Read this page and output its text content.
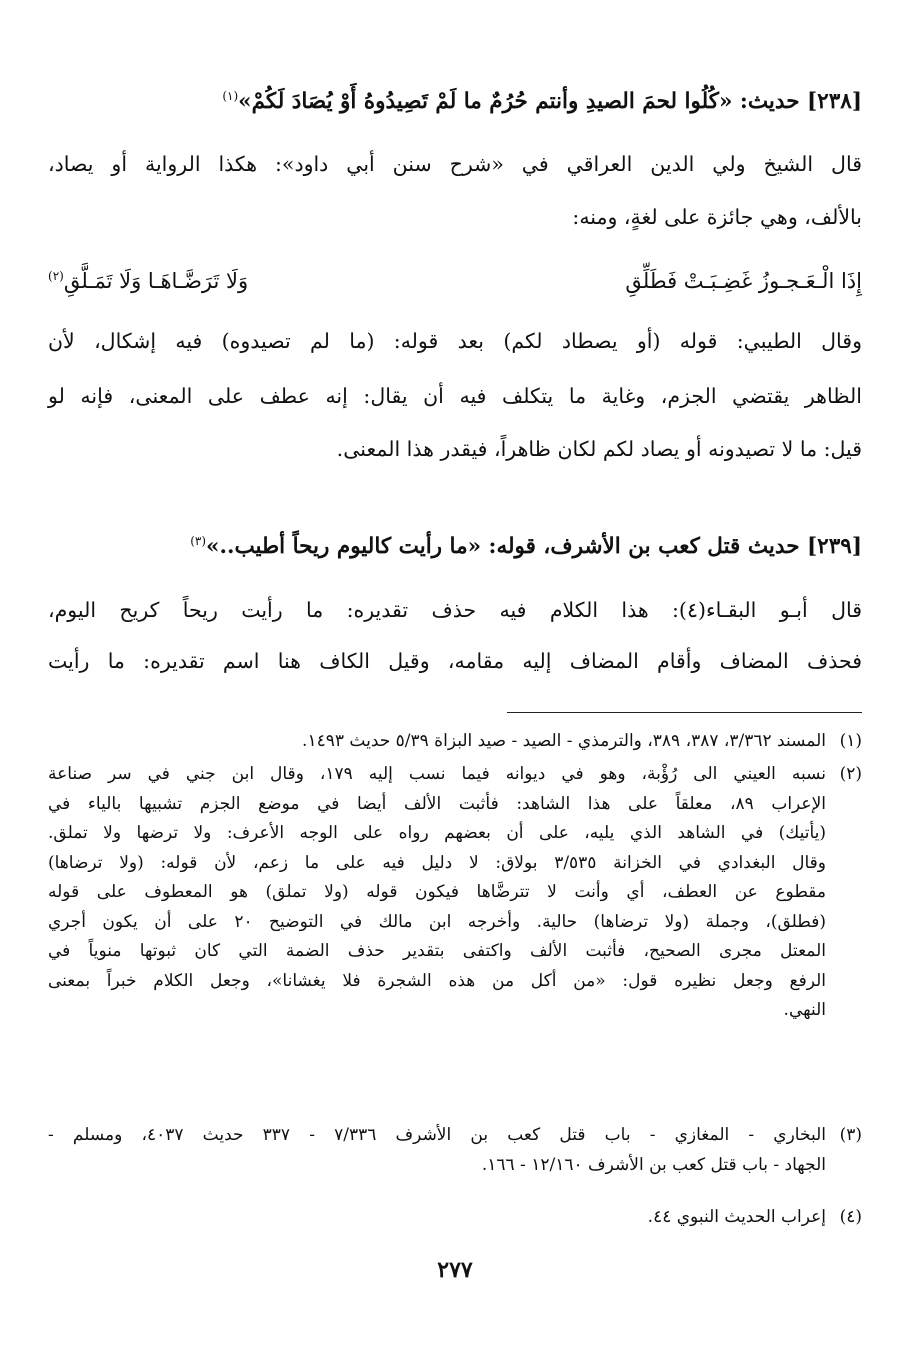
[٢٣٨] حديث: «كُلُوا لحمَ الصيدِ وأنتم حُرُمٌ ما لَمْ تَصِيدُوهُ أَوْ يُصَادَ لَكُمْ»$^{(١)}$
قال الشيخ ولي الدين العراقي في «شرح سنن أبي داود»: هكذا الرواية أو يصاد،
بالألف، وهي جائزة على لغةٍ، ومنه:
إِذَا الْـعَـجـوزُ غَضِـبَـتْ فَطَلِّقِ
وَلَا تَرَضَّـاهَـا وَلَا تَمَـلَّقِ$^{(٢)}$
وقال الطيبي: قوله (أو يصطاد لكم) بعد قوله: (ما لم تصيدوه) فيه إشكال، لأن
الظاهر يقتضي الجزم، وغاية ما يتكلف فيه أن يقال: إنه عطف على المعنى، فإنه لو
قيل: ما لا تصيدونه أو يصاد لكم لكان ظاهراً، فيقدر هذا المعنى.
[٢٣٩] حديث قتل كعب بن الأشرف، قوله: «ما رأيت كاليوم ريحاً أطيب..»$^{(٣)}$
قال أبـو البقـاء(٤): هذا الكلام فيه حذف تقديره: ما رأيت ريحاً كريح اليوم،
فحذف المضاف وأقام المضاف إليه مقامه، وقيل الكاف هنا اسم تقديره: ما رأيت
(١)
المسند ٣/٣٦٢، ٣٨٧، ٣٨٩، والترمذي - الصيد - صيد البزاة ٥/٣٩ حديث ١٤٩٣.
(٢)
نسبه العيني الى رُؤْبة، وهو في ديوانه فيما نسب إليه ١٧٩، وقال ابن جني في سر صناعة
الإعراب ٨٩، معلقاً على هذا الشاهد: فأثبت الألف أيضا في موضع الجزم تشبيها بالياء في
(يأتيك) في الشاهد الذي يليه، على أن بعضهم رواه على الوجه الأعرف: ولا ترضها ولا تملق.
وقال البغدادي في الخزانة ٣/٥٣٥ بولاق: لا دليل فيه على ما زعم، لأن قوله: (ولا ترضاها)
مقطوع عن العطف، أي وأنت لا تترضَّاها فيكون قوله (ولا تملق) هو المعطوف على قوله
(فطلق)، وجملة (ولا ترضاها) حالية. وأخرجه ابن مالك في التوضيح ٢٠ على أن يكون أجري
المعتل مجرى الصحيح، فأثبت الألف واكتفى بتقدير حذف الضمة التي كان ثبوتها منوياً في
الرفع وجعل نظيره قول: «من أكل من هذه الشجرة فلا يغشانا»، وجعل الكلام خبراً بمعنى
النهي.
(٣)
البخاري - المغازي - باب قتل كعب بن الأشرف ٧/٣٣٦ - ٣٣٧ حديث ٤٠٣٧، ومسلم -
الجهاد - باب قتل كعب بن الأشرف ١٢/١٦٠ - ١٦٦.
(٤)
إعراب الحديث النبوي ٤٤.
٢٧٧
